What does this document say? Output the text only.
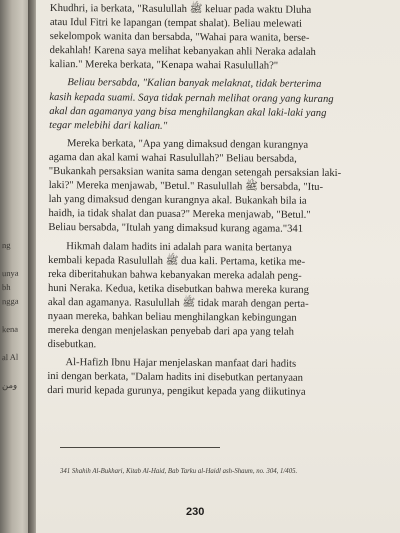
ng
unya
bh
ngga
kena
al Al
ومن

Khudhri, ia berkata, "Rasulullah ﷺ keluar pada waktu Dluha
atau Idul Fitri ke lapangan (tempat shalat). Beliau melewati
sekelompok wanita dan bersabda, "Wahai para wanita, berse-
dekahlah! Karena saya melihat kebanyakan ahli Neraka adalah
kalian." Mereka berkata, "Kenapa wahai Rasulullah?"

Beliau bersabda, "Kalian banyak melaknat, tidak berterima
kasih kepada suami. Saya tidak pernah melihat orang yang kurang
akal dan agamanya yang bisa menghilangkan akal laki-laki yang
tegar melebihi dari kalian."

Mereka berkata, "Apa yang dimaksud dengan kurangnya
agama dan akal kami wahai Rasulullah?" Beliau bersabda,
"Bukankah persaksian wanita sama dengan setengah persaksian laki-
laki?" Mereka menjawab, "Betul." Rasulullah ﷺ bersabda, "Itu-
lah yang dimaksud dengan kurangnya akal. Bukankah bila ia
haidh, ia tidak shalat dan puasa?" Mereka menjawab, "Betul."
Beliau bersabda, "Itulah yang dimaksud kurang agama."341

Hikmah dalam hadits ini adalah para wanita bertanya
kembali kepada Rasulullah ﷺ dua kali. Pertama, ketika me-
reka diberitahukan bahwa kebanyakan mereka adalah peng-
huni Neraka. Kedua, ketika disebutkan bahwa mereka kurang
akal dan agamanya. Rasulullah ﷺ tidak marah dengan perta-
nyaan mereka, bahkan beliau menghilangkan kebingungan
mereka dengan menjelaskan penyebab dari apa yang telah
disebutkan.

Al-Hafizh Ibnu Hajar menjelaskan manfaat dari hadits
ini dengan berkata, "Dalam hadits ini disebutkan pertanyaan
dari murid kepada gurunya, pengikut kepada yang diikutinya

341 Shahih Al-Bukhari, Kitab Al-Haid, Bab Tarku al-Haidl ash-Shaum, no. 304, 1/405.
230
